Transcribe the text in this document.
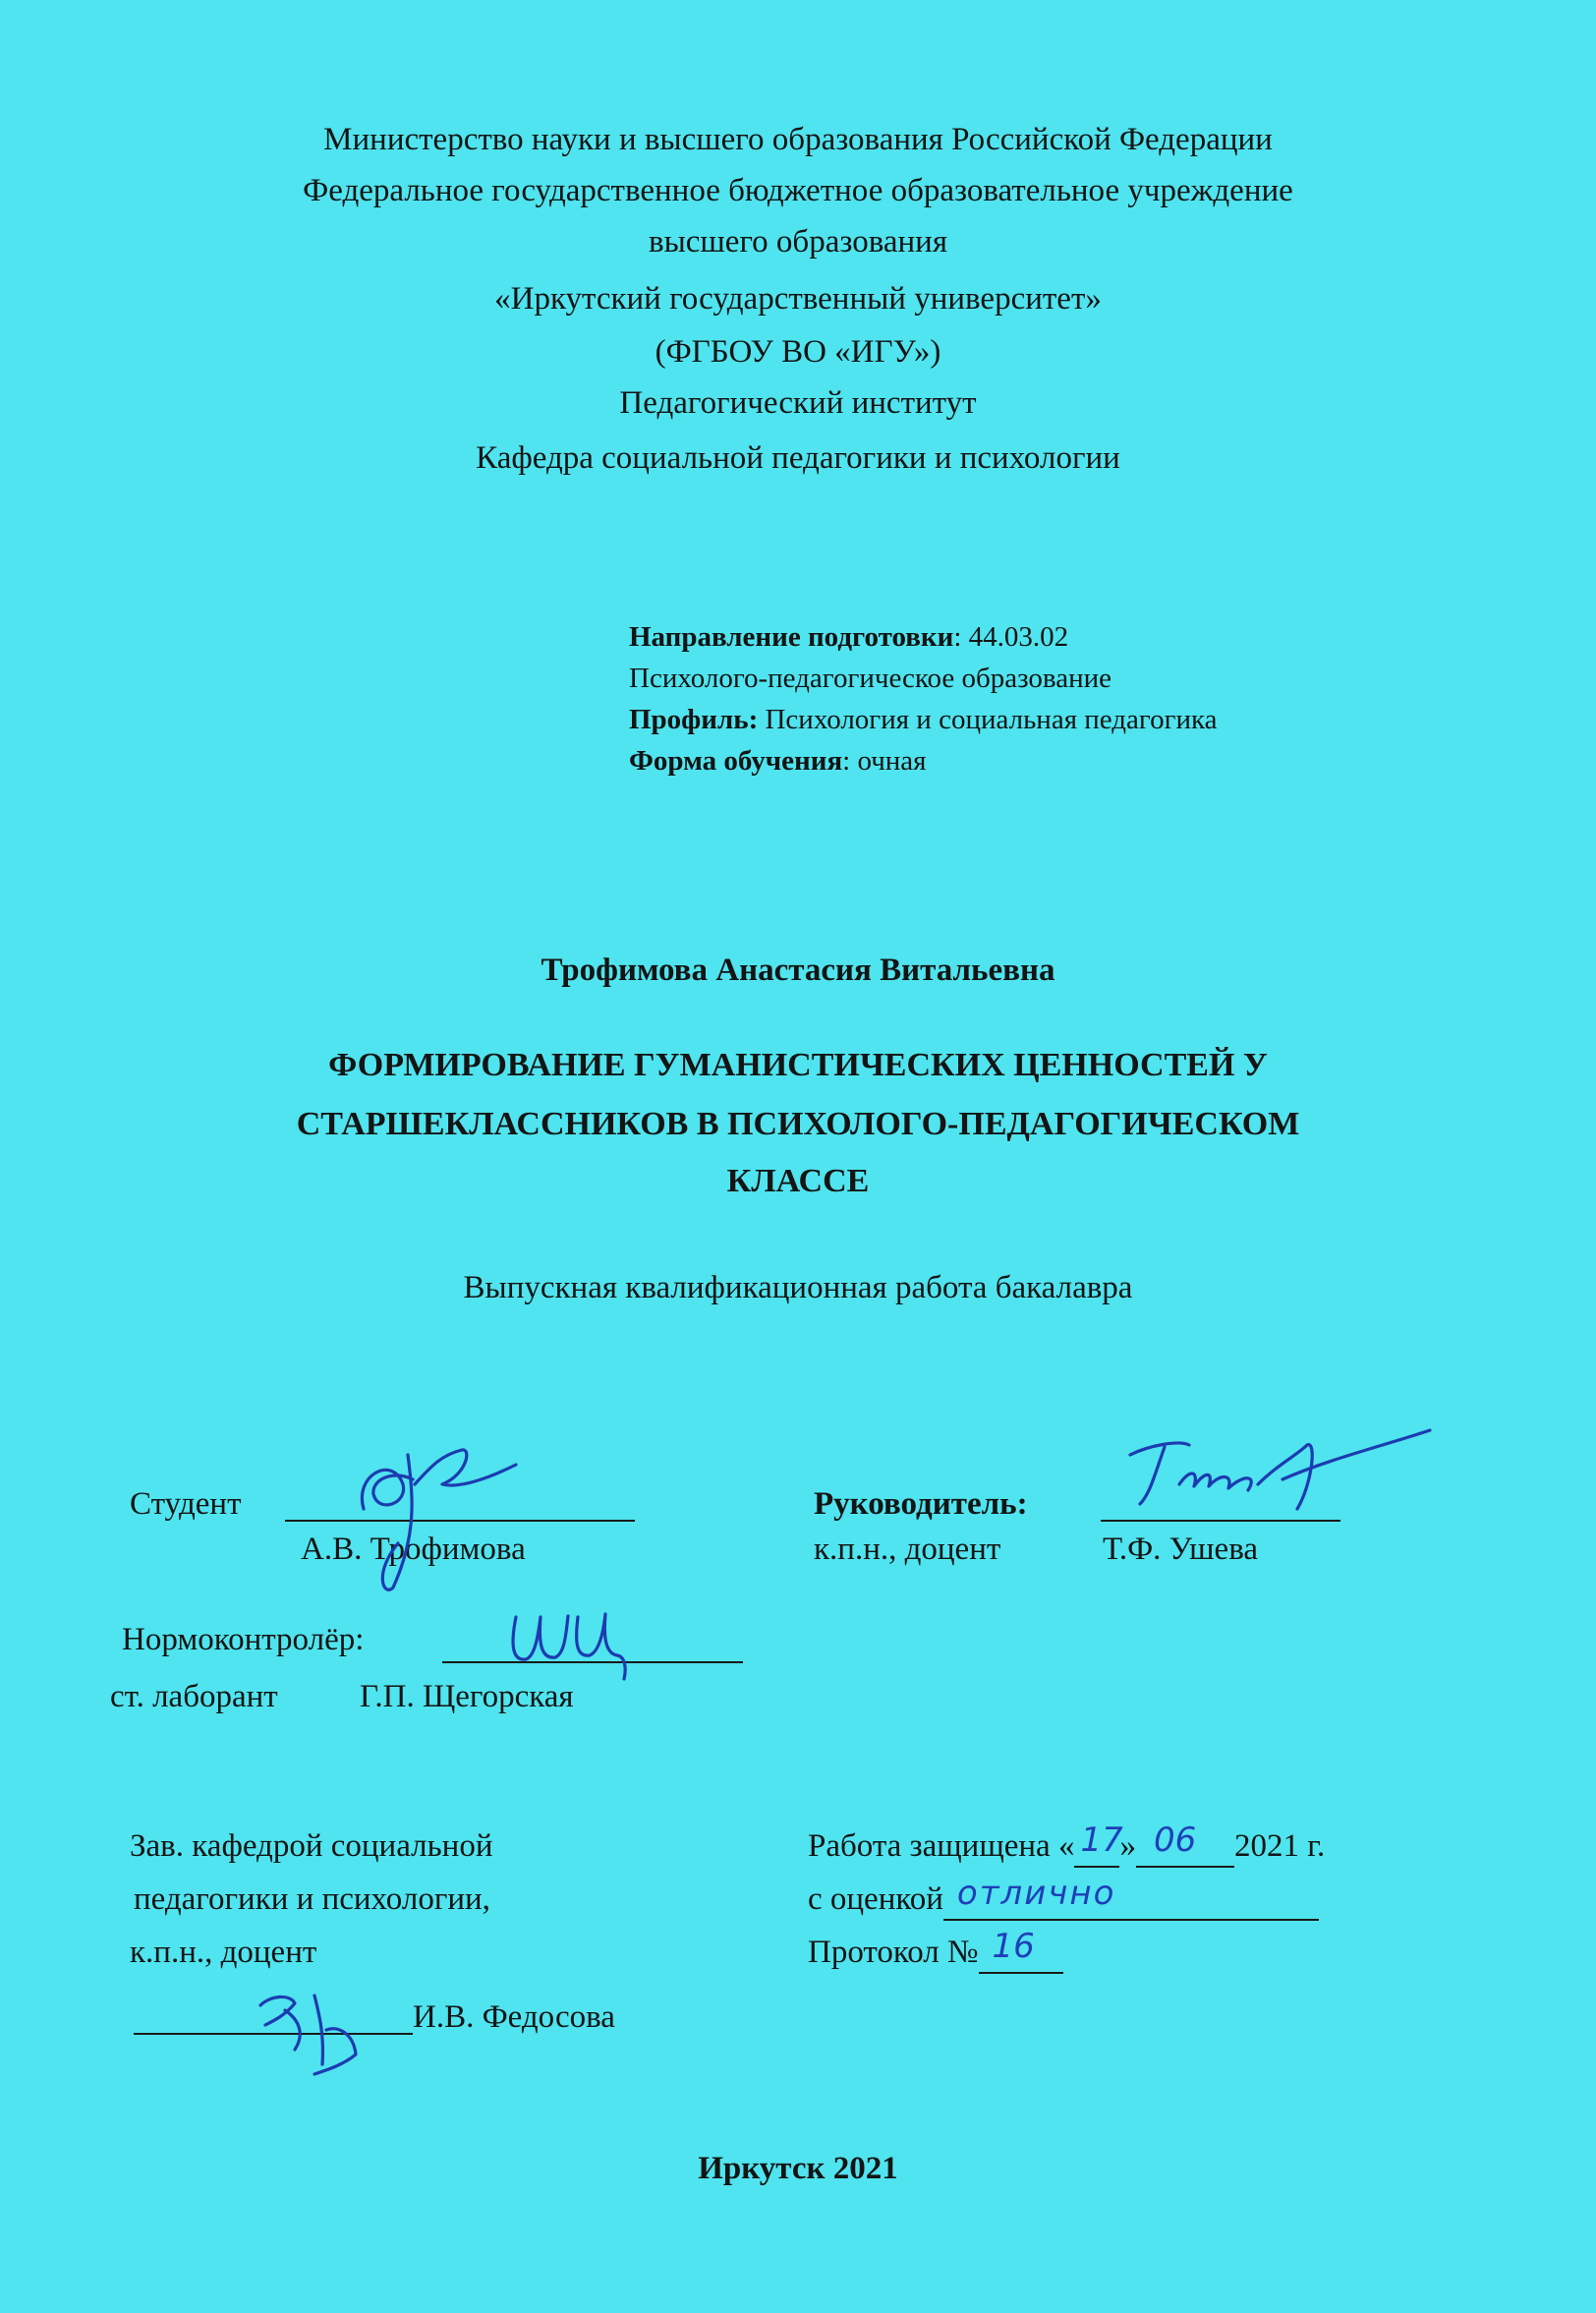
Министерство науки и высшего образования Российской Федерации
Федеральное государственное бюджетное образовательное учреждение
высшего образования
«Иркутский государственный университет»
(ФГБОУ ВО «ИГУ»)
Педагогический институт
Кафедра социальной педагогики и психологии
Направление подготовки: 44.03.02
Психолого-педагогическое образование
Профиль: Психология и социальная педагогика
Форма обучения: очная
Трофимова Анастасия Витальевна
ФОРМИРОВАНИЕ ГУМАНИСТИЧЕСКИХ ЦЕННОСТЕЙ У
СТАРШЕКЛАССНИКОВ В ПСИХОЛОГО-ПЕДАГОГИЧЕСКОМ
КЛАССЕ
Выпускная квалификационная работа бакалавра
Студент
А.В. Трофимова
Руководитель:
к.п.н., доцент	Т.Ф. Ушева
Нормоконтролёр:
ст. лаборант	Г.П. Щегорская
Зав. кафедрой социальной
педагогики и психологии,
к.п.н., доцент
И.В. Федосова
Работа защищена « 17
» 06 2021 г.
с оценкой отлично

Протокол № 16

Иркутск 2021
